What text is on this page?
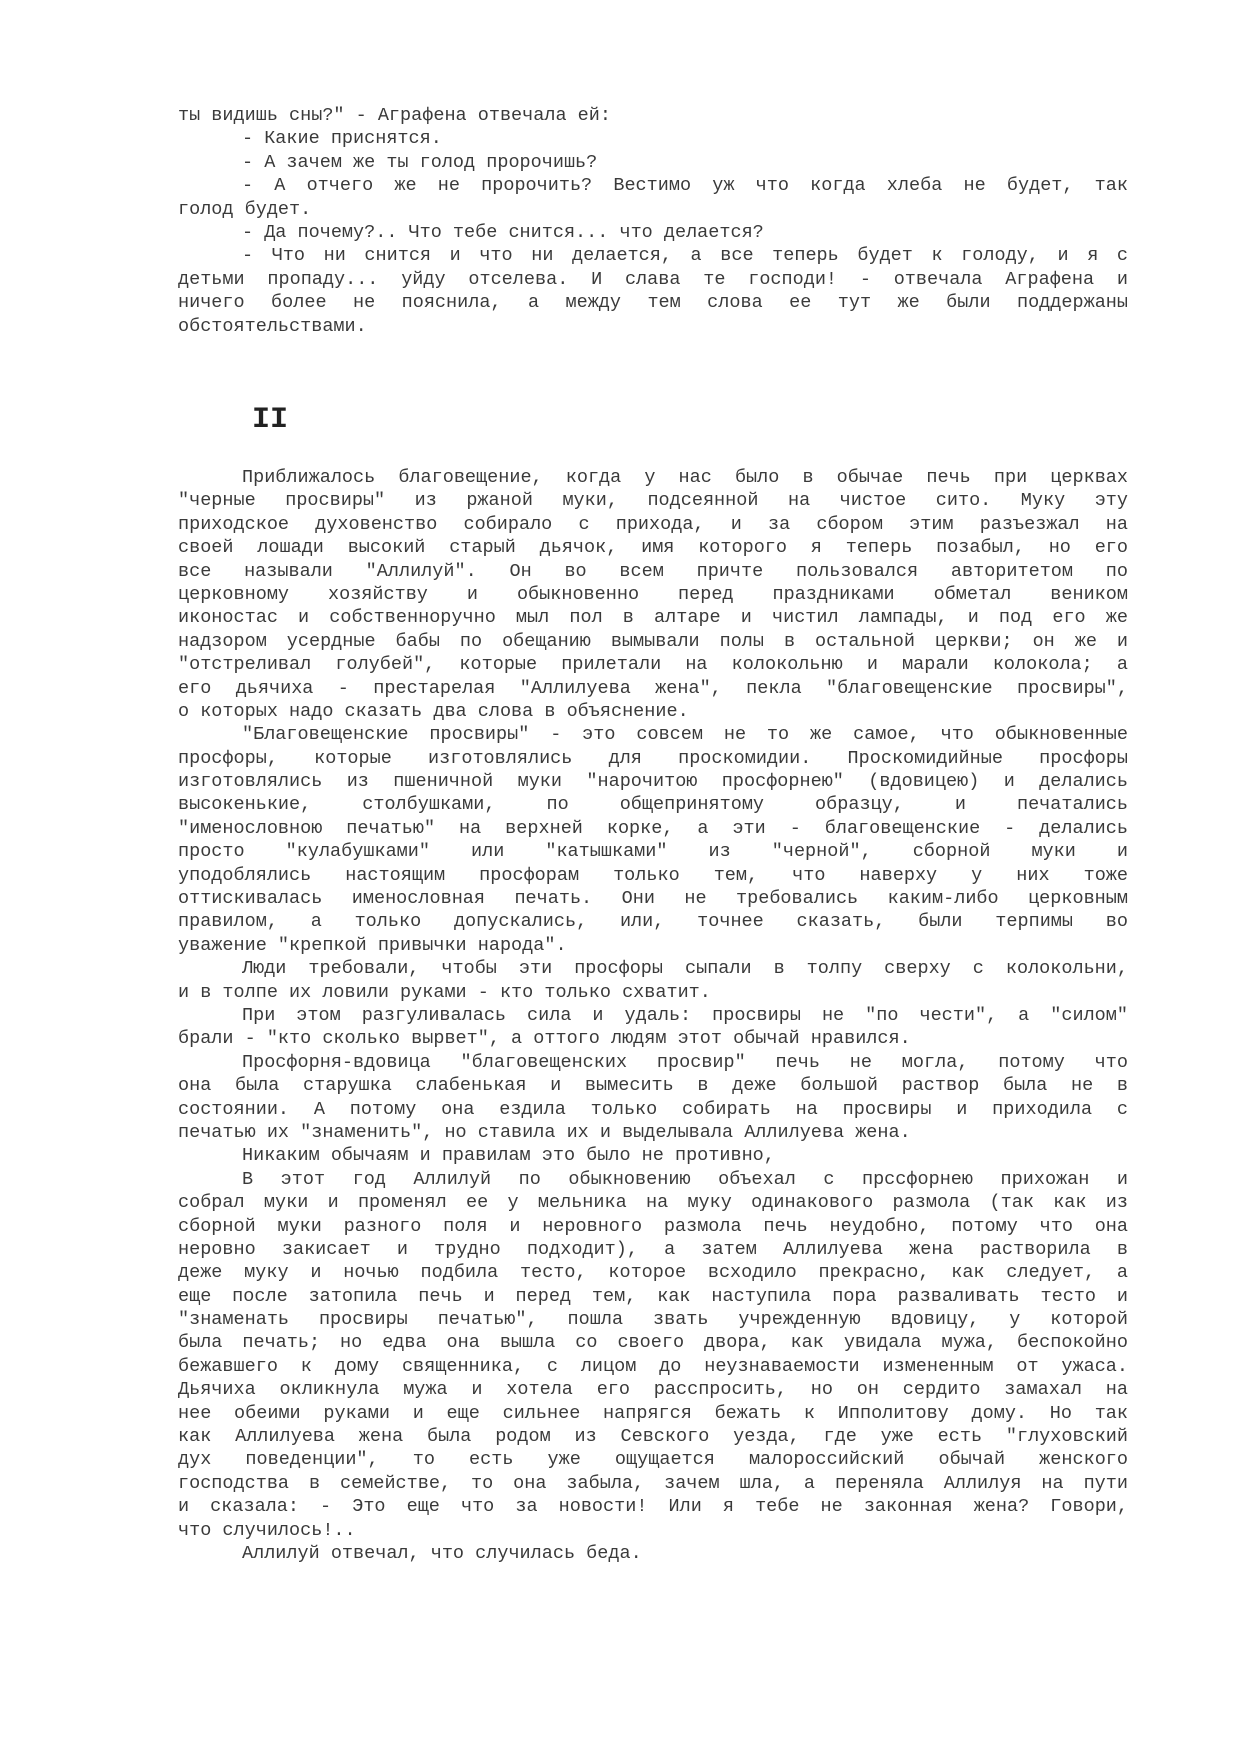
ты видишь сны?" - Аграфена отвечала ей:
- Какие приснятся.
- А зачем же ты голод пророчишь?
- А отчего же не пророчить? Вестимо уж что когда хлеба не будет, так
голод будет.
- Да почему?.. Что тебе снится... что делается?
- Что ни снится и что ни делается, а все теперь будет к голоду, и я с
детьми пропаду... уйду отселева. И слава те господи! - отвечала Аграфена и
ничего более не пояснила, а между тем слова ее тут же были поддержаны
обстоятельствами.
II
Приближалось благовещение, когда у нас было в обычае печь при церквах
"черные просвиры" из ржаной муки, подсеянной на чистое сито. Муку эту
приходское духовенство собирало с прихода, и за сбором этим разъезжал на
своей лошади высокий старый дьячок, имя которого я теперь позабыл, но его
все называли "Аллилуй". Он во всем причте пользовался авторитетом по
церковному хозяйству и обыкновенно перед праздниками обметал веником
иконостас и собственноручно мыл пол в алтаре и чистил лампады, и под его же
надзором усердные бабы по обещанию вымывали полы в остальной церкви; он же и
"отстреливал голубей", которые прилетали на колокольню и марали колокола; а
его дьячиха - престарелая "Аллилуева жена", пекла "благовещенские просвиры",
о которых надо сказать два слова в объяснение.
"Благовещенские просвиры" - это совсем не то же самое, что обыкновенные
просфоры, которые изготовлялись для проскомидии. Проскомидийные просфоры
изготовлялись из пшеничной муки "нарочитою просфорнею" (вдовицею) и делались
высокенькие, столбушками, по общепринятому образцу, и печатались
"именословною печатью" на верхней корке, а эти - благовещенские - делались
просто "кулабушками" или "катышками" из "черной", сборной муки и
уподоблялись настоящим просфорам только тем, что наверху у них тоже
оттискивалась именословная печать. Они не требовались каким-либо церковным
правилом, а только допускались, или, точнее сказать, были терпимы во
уважение "крепкой привычки народа".
Люди требовали, чтобы эти просфоры сыпали в толпу сверху с колокольни,
и в толпе их ловили руками - кто только схватит.
При этом разгуливалась сила и удаль: просвиры не "по чести", а "силом"
брали - "кто сколько вырвет", а оттого людям этот обычай нравился.
Просфорня-вдовица "благовещенских просвир" печь не могла, потому что
она была старушка слабенькая и вымесить в деже большой раствор была не в
состоянии. А потому она ездила только собирать на просвиры и приходила с
печатью их "знаменить", но ставила их и выделывала Аллилуева жена.
Никаким обычаям и правилам это было не противно,
В этот год Аллилуй по обыкновению объехал с прссфорнею прихожан и
собрал муки и променял ее у мельника на муку одинакового размола (так как из
сборной муки разного поля и неровного размола печь неудобно, потому что она
неровно закисает и трудно подходит), а затем Аллилуева жена растворила в
деже муку и ночью подбила тесто, которое всходило прекрасно, как следует, а
еще после затопила печь и перед тем, как наступила пора разваливать тесто и
"знаменать просвиры печатью", пошла звать учрежденную вдовицу, у которой
была печать; но едва она вышла со своего двора, как увидала мужа, беспокойно
бежавшего к дому священника, с лицом до неузнаваемости измененным от ужаса.
Дьячиха окликнула мужа и хотела его расспросить, но он сердито замахал на
нее обеими руками и еще сильнее напрягся бежать к Ипполитову дому. Но так
как Аллилуева жена была родом из Севского уезда, где уже есть "глуховский
дух поведенции", то есть уже ощущается малороссийский обычай женского
господства в семействе, то она забыла, зачем шла, а переняла Аллилуя на пути
и сказала: - Это еще что за новости! Или я тебе не законная жена? Говори,
что случилось!..
Аллилуй отвечал, что случилась беда.
